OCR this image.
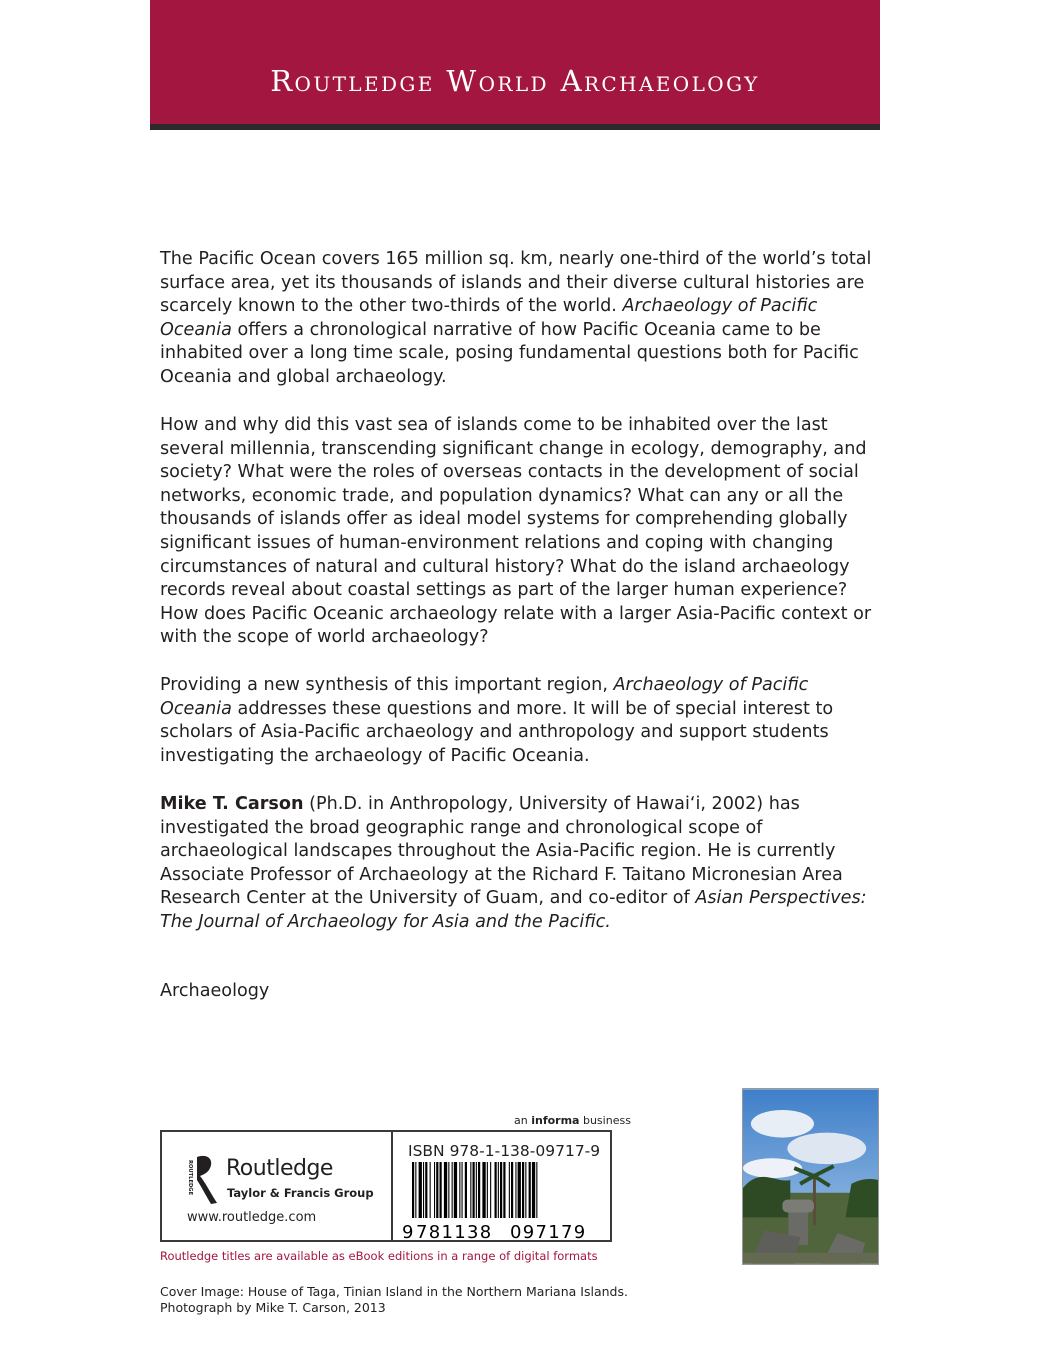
Routledge World Archaeology

The Pacific Ocean covers 165 million sq. km, nearly one-third of the world’s total surface area, yet its thousands of islands and their diverse cultural histories are scarcely known to the other two-thirds of the world. Archaeology of Pacific Oceania offers a chronological narrative of how Pacific Oceania came to be inhabited over a long time scale, posing fundamental questions both for Pacific Oceania and global archaeology.

How and why did this vast sea of islands come to be inhabited over the last several millennia, transcending significant change in ecology, demography, and society? What were the roles of overseas contacts in the development of social networks, economic trade, and population dynamics? What can any or all the thousands of islands offer as ideal model systems for comprehending globally significant issues of human-environment relations and coping with changing circumstances of natural and cultural history? What do the island archaeology records reveal about coastal settings as part of the larger human experience? How does Pacific Oceanic archaeology relate with a larger Asia-Pacific context or with the scope of world archaeology?

Providing a new synthesis of this important region, Archaeology of Pacific Oceania addresses these questions and more. It will be of special interest to scholars of Asia-Pacific archaeology and anthropology and support students investigating the archaeology of Pacific Oceania.

Mike T. Carson (Ph.D. in Anthropology, University of Hawai‘i, 2002) has investigated the broad geographic range and chronological scope of archaeological landscapes throughout the Asia-Pacific region. He is currently Associate Professor of Archaeology at the Richard F. Taitano Micronesian Area Research Center at the University of Guam, and co-editor of Asian Perspectives: The Journal of Archaeology for Asia and the Pacific.

Archaeology
an informa business
ROUTLEDGE Routledge
Taylor & Francis Group
www.routledge.com
ISBN 978-1-138-09717-9
9 781138 097179
Routledge titles are available as eBook editions in a range of digital formats
Cover Image: House of Taga, Tinian Island in the Northern Mariana Islands.
Photograph by Mike T. Carson, 2013
